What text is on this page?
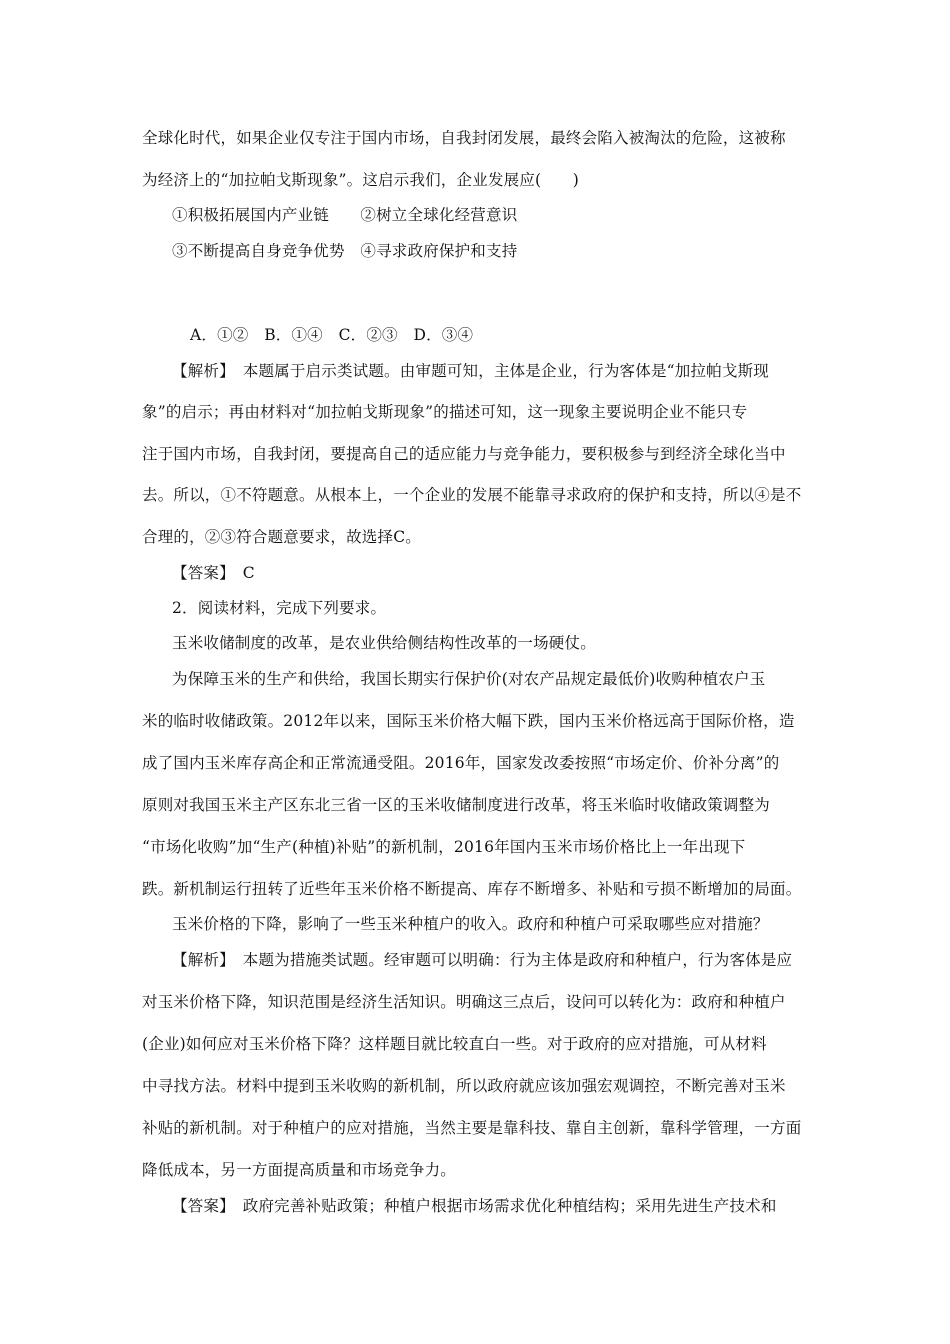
全球化时代，如果企业仅专注于国内市场，自我封闭发展，最终会陷入被淘汰的危险，这被称
为经济上的“加拉帕戈斯现象”。这启示我们，企业发展应(　　)
①积极拓展国内产业链　　②树立全球化经营意识
③不断提高自身竞争优势　④寻求政府保护和支持
A．①②　B．①④　C．②③　D．③④
【解析】　本题属于启示类试题。由审题可知，主体是企业，行为客体是“加拉帕戈斯现
象”的启示；再由材料对“加拉帕戈斯现象”的描述可知，这一现象主要说明企业不能只专
注于国内市场，自我封闭，要提高自己的适应能力与竞争能力，要积极参与到经济全球化当中
去。所以，①不符题意。从根本上，一个企业的发展不能靠寻求政府的保护和支持，所以④是不
合理的，②③符合题意要求，故选择C。
【答案】　C
2．阅读材料，完成下列要求。
玉米收储制度的改革，是农业供给侧结构性改革的一场硬仗。
为保障玉米的生产和供给，我国长期实行保护价(对农产品规定最低价)收购种植农户玉
米的临时收储政策。2012年以来，国际玉米价格大幅下跌，国内玉米价格远高于国际价格，造
成了国内玉米库存高企和正常流通受阻。2016年，国家发改委按照“市场定价、价补分离”的
原则对我国玉米主产区东北三省一区的玉米收储制度进行改革，将玉米临时收储政策调整为
“市场化收购”加“生产(种植)补贴”的新机制，2016年国内玉米市场价格比上一年出现下
跌。新机制运行扭转了近些年玉米价格不断提高、库存不断增多、补贴和亏损不断增加的局面。
玉米价格的下降，影响了一些玉米种植户的收入。政府和种植户可采取哪些应对措施？
【解析】　本题为措施类试题。经审题可以明确：行为主体是政府和种植户，行为客体是应
对玉米价格下降，知识范围是经济生活知识。明确这三点后，设问可以转化为：政府和种植户
(企业)如何应对玉米价格下降？这样题目就比较直白一些。对于政府的应对措施，可从材料
中寻找方法。材料中提到玉米收购的新机制，所以政府就应该加强宏观调控，不断完善对玉米
补贴的新机制。对于种植户的应对措施，当然主要是靠科技、靠自主创新，靠科学管理，一方面
降低成本，另一方面提高质量和市场竞争力。
【答案】　政府完善补贴政策；种植户根据市场需求优化种植结构；采用先进生产技术和
